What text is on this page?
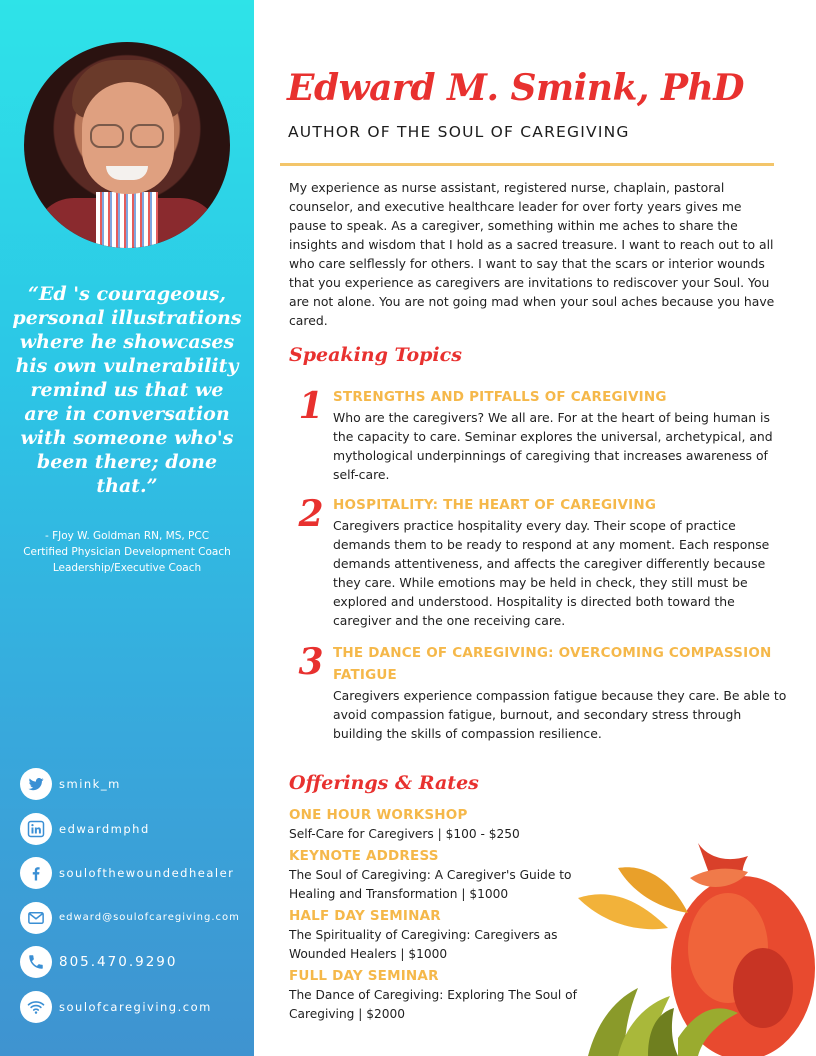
“Ed 's courageous, personal illustrations where he showcases his own vulnerability remind us that we are in conversation with someone who's been there; done that.”
- FJoy W. Goldman RN, MS, PCC
Certified Physician Development Coach
Leadership/Executive Coach
smink_m
edwardmphd
soulofthewoundedhealer
edward@soulofcaregiving.com
805.470.9290
soulofcaregiving.com
Edward M. Smink, PhD
AUTHOR OF THE SOUL OF CAREGIVING
My experience as nurse assistant, registered nurse, chaplain, pastoral counselor, and executive healthcare leader for over forty years gives me pause to speak. As a caregiver, something within me aches to share the insights and wisdom that I hold as a sacred treasure. I want to reach out to all who care selflessly for others. I want to say that the scars or interior wounds that you experience as caregivers are invitations to rediscover your Soul. You are not alone. You are not going mad when your soul aches because you have cared.
Speaking Topics
1 STRENGTHS AND PITFALLS OF CAREGIVING
Who are the caregivers? We all are. For at the heart of being human is the capacity to care. Seminar explores the universal, archetypical, and mythological underpinnings of caregiving that increases awareness of self-care.
2 HOSPITALITY: THE HEART OF CAREGIVING
Caregivers practice hospitality every day. Their scope of practice demands them to be ready to respond at any moment. Each response demands attentiveness, and affects the caregiver differently because they care. While emotions may be held in check, they still must be explored and understood. Hospitality is directed both toward the caregiver and the one receiving care.
3 THE DANCE OF CAREGIVING: OVERCOMING COMPASSION FATIGUE
Caregivers experience compassion fatigue because they care. Be able to avoid compassion fatigue, burnout, and secondary stress through building the skills of compassion resilience.
Offerings & Rates
ONE HOUR WORKSHOP
Self-Care for Caregivers | $100 - $250
KEYNOTE ADDRESS
The Soul of Caregiving: A Caregiver's Guide to Healing and Transformation | $1000
HALF DAY SEMINAR
The Spirituality of Caregiving: Caregivers as Wounded Healers | $1000
FULL DAY SEMINAR
The Dance of Caregiving: Exploring The Soul of Caregiving | $2000
